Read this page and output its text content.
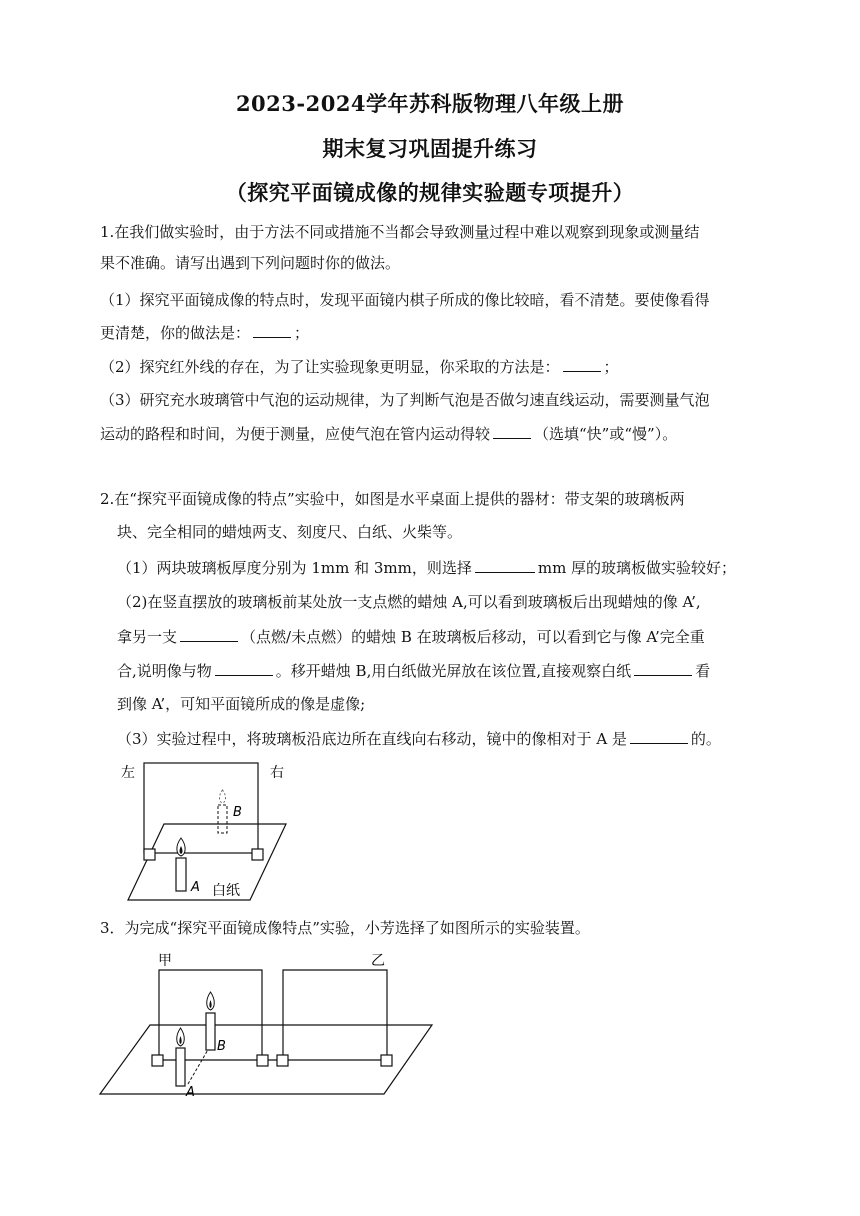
2023-2024学年苏科版物理八年级上册
期末复习巩固提升练习
（探究平面镜成像的规律实验题专项提升）
1.在我们做实验时，由于方法不同或措施不当都会导致测量过程中难以观察到现象或测量结
果不准确。请写出遇到下列问题时你的做法。
（1）探究平面镜成像的特点时，发现平面镜内棋子所成的像比较暗，看不清楚。要使像看得
更清楚，你的做法是：	；
（2）探究红外线的存在，为了让实验现象更明显，你采取的方法是：	；
（3）研究充水玻璃管中气泡的运动规律，为了判断气泡是否做匀速直线运动，需要测量气泡
运动的路程和时间，为便于测量，应使气泡在管内运动得较	（选填“快”或“慢”）。
2.在“探究平面镜成像的特点”实验中，如图是水平桌面上提供的器材：带支架的玻璃板两
块、完全相同的蜡烛两支、刻度尺、白纸、火柴等。
（1）两块玻璃板厚度分别为 1mm 和 3mm，则选择	mm 厚的玻璃板做实验较好；
（2)在竖直摆放的玻璃板前某处放一支点燃的蜡烛 A,可以看到玻璃板后出现蜡烛的像 A’,
拿另一支	（点燃/未点燃）的蜡烛 B 在玻璃板后移动，可以看到它与像 A’完全重
合,说明像与物	。移开蜡烛 B,用白纸做光屏放在该位置,直接观察白纸	看
到像 A’，可知平面镜所成的像是虚像;
（3）实验过程中，将玻璃板沿底边所在直线向右移动，镜中的像相对于 A 是	的。
左	右
B
A 白纸
3．为完成“探究平面镜成像特点”实验，小芳选择了如图所示的实验装置。
甲	乙
B
A
